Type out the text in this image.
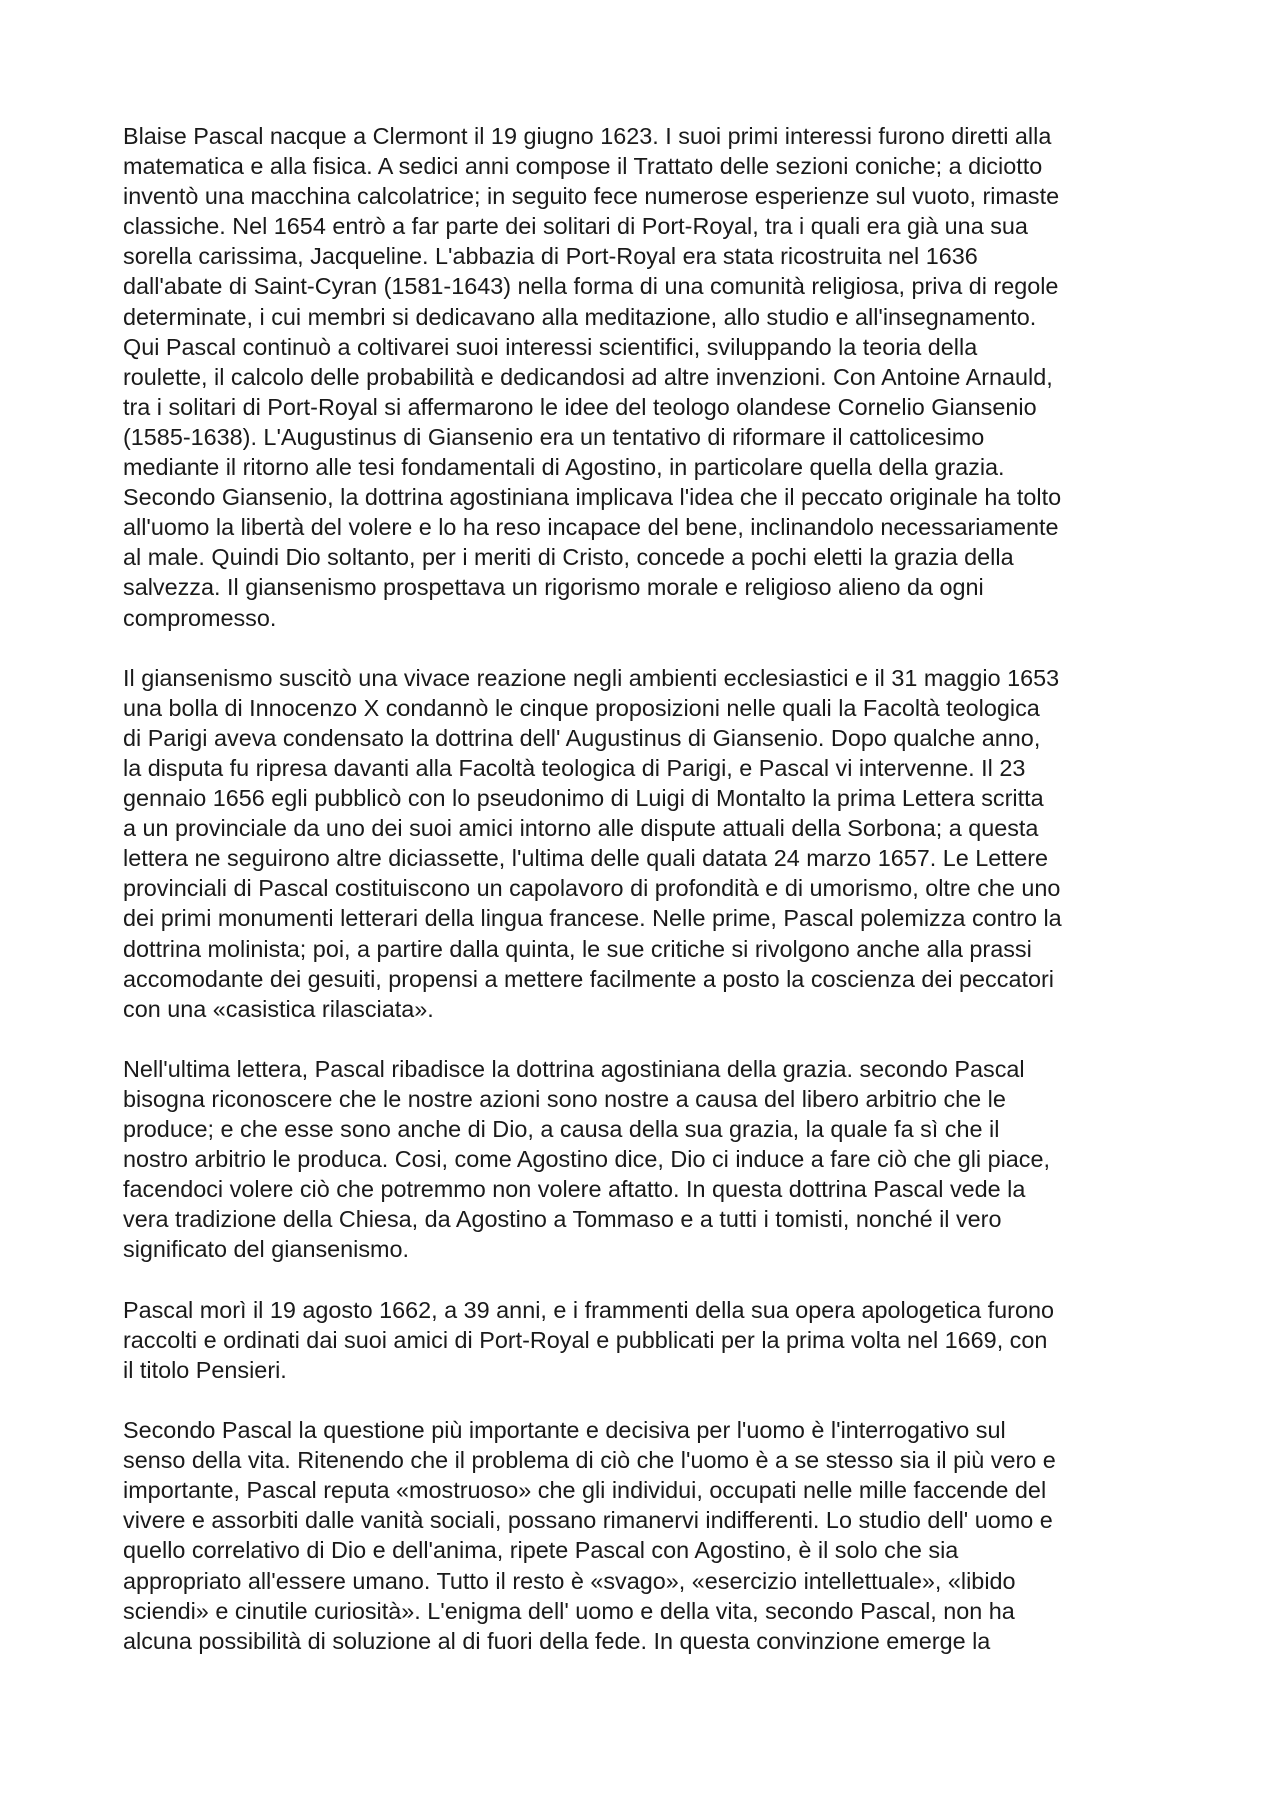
Blaise Pascal nacque a Clermont il 19 giugno 1623. I suoi primi interessi furono diretti alla
matematica e alla fisica. A sedici anni compose il Trattato delle sezioni coniche; a diciotto
inventò una macchina calcolatrice; in seguito fece numerose esperienze sul vuoto, rimaste
classiche. Nel 1654 entrò a far parte dei solitari di Port-Royal, tra i quali era già una sua
sorella carissima, Jacqueline. L'abbazia di Port-Royal era stata ricostruita nel 1636
dall'abate di Saint-Cyran (1581-1643) nella forma di una comunità religiosa, priva di regole
determinate, i cui membri si dedicavano alla meditazione, allo studio e all'insegnamento.
Qui Pascal continuò a coltivarei suoi interessi scientifici, sviluppando la teoria della
roulette, il calcolo delle probabilità e dedicandosi ad altre invenzioni. Con Antoine Arnauld,
tra i solitari di Port-Royal si affermarono le idee del teologo olandese Cornelio Giansenio
(1585-1638). L'Augustinus di Giansenio era un tentativo di riformare il cattolicesimo
mediante il ritorno alle tesi fondamentali di Agostino, in particolare quella della grazia.
Secondo Giansenio, la dottrina agostiniana implicava l'idea che il peccato originale ha tolto
all'uomo la libertà del volere e lo ha reso incapace del bene, inclinandolo necessariamente
al male. Quindi Dio soltanto, per i meriti di Cristo, concede a pochi eletti la grazia della
salvezza. Il giansenismo prospettava un rigorismo morale e religioso alieno da ogni
compromesso.
Il giansenismo suscitò una vivace reazione negli ambienti ecclesiastici e il 31 maggio 1653
una bolla di Innocenzo X condannò le cinque proposizioni nelle quali la Facoltà teologica
di Parigi aveva condensato la dottrina dell' Augustinus di Giansenio. Dopo qualche anno,
la disputa fu ripresa davanti alla Facoltà teologica di Parigi, e Pascal vi intervenne. Il 23
gennaio 1656 egli pubblicò con lo pseudonimo di Luigi di Montalto la prima Lettera scritta
a un provinciale da uno dei suoi amici intorno alle dispute attuali della Sorbona; a questa
lettera ne seguirono altre diciassette, l'ultima delle quali datata 24 marzo 1657. Le Lettere
provinciali di Pascal costituiscono un capolavoro di profondità e di umorismo, oltre che uno
dei primi monumenti letterari della lingua francese. Nelle prime, Pascal polemizza contro la
dottrina molinista; poi, a partire dalla quinta, le sue critiche si rivolgono anche alla prassi
accomodante dei gesuiti, propensi a mettere facilmente a posto la coscienza dei peccatori
con una «casistica rilasciata».
Nell'ultima lettera, Pascal ribadisce la dottrina agostiniana della grazia. secondo Pascal
bisogna riconoscere che le nostre azioni sono nostre a causa del libero arbitrio che le
produce; e che esse sono anche di Dio, a causa della sua grazia, la quale fa sì che il
nostro arbitrio le produca. Cosi, come Agostino dice, Dio ci induce a fare ciò che gli piace,
facendoci volere ciò che potremmo non volere aftatto. In questa dottrina Pascal vede la
vera tradizione della Chiesa, da Agostino a Tommaso e a tutti i tomisti, nonché il vero
significato del giansenismo.
Pascal morì il 19 agosto 1662, a 39 anni, e i frammenti della sua opera apologetica furono
raccolti e ordinati dai suoi amici di Port-Royal e pubblicati per la prima volta nel 1669, con
il titolo Pensieri.
Secondo Pascal la questione più importante e decisiva per l'uomo è l'interrogativo sul
senso della vita. Ritenendo che il problema di ciò che l'uomo è a se stesso sia il più vero e
importante, Pascal reputa «mostruoso» che gli individui, occupati nelle mille faccende del
vivere e assorbiti dalle vanità sociali, possano rimanervi indifferenti. Lo studio dell' uomo e
quello correlativo di Dio e dell'anima, ripete Pascal con Agostino, è il solo che sia
appropriato all'essere umano. Tutto il resto è «svago», «esercizio intellettuale», «libido
sciendi» e cinutile curiosità». L'enigma dell' uomo e della vita, secondo Pascal, non ha
alcuna possibilità di soluzione al di fuori della fede. In questa convinzione emerge la
